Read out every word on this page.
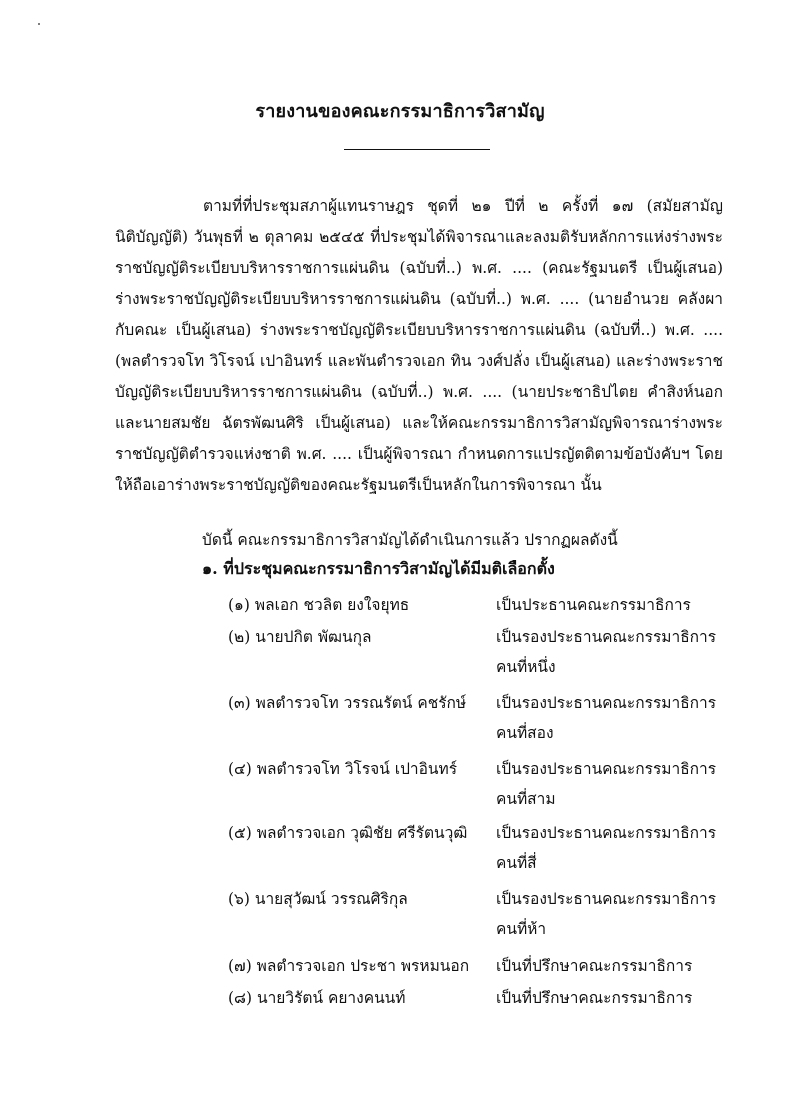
รายงานของคณะกรรมาธิการวิสามัญ
ตามที่ที่ประชุมสภาผู้แทนราษฎร ชุดที่ ๒๑ ปีที่ ๒ ครั้งที่ ๑๗ (สมัยสามัญนิติบัญญัติ) วันพุธที่ ๒ ตุลาคม ๒๕๔๕ ที่ประชุมได้พิจารณาและลงมติรับหลักการแห่งร่างพระราชบัญญัติระเบียบบริหารราชการแผ่นดิน (ฉบับที่..) พ.ศ. .... (คณะรัฐมนตรี เป็นผู้เสนอ) ร่างพระราชบัญญัติระเบียบบริหารราชการแผ่นดิน (ฉบับที่..) พ.ศ. .... (นายอำนวย คลังผา กับคณะ เป็นผู้เสนอ) ร่างพระราชบัญญัติระเบียบบริหารราชการแผ่นดิน (ฉบับที่..) พ.ศ. .... (พลตำรวจโท วิโรจน์ เปาอินทร์ และพันตำรวจเอก ทิน วงศ์ปลั่ง เป็นผู้เสนอ) และร่างพระราชบัญญัติระเบียบบริหารราชการแผ่นดิน (ฉบับที่..) พ.ศ. .... (นายประชาธิปไตย คำสิงห์นอก และนายสมชัย ฉัตรพัฒนศิริ เป็นผู้เสนอ) และให้คณะกรรมาธิการวิสามัญพิจารณาร่างพระราชบัญญัติตำรวจแห่งชาติ พ.ศ. .... เป็นผู้พิจารณา กำหนดการแปรญัตติตามข้อบังคับฯ โดยให้ถือเอาร่างพระราชบัญญัติของคณะรัฐมนตรีเป็นหลักในการพิจารณา นั้น
บัดนี้ คณะกรรมาธิการวิสามัญได้ดำเนินการแล้ว ปรากฏผลดังนี้
๑. ที่ประชุมคณะกรรมาธิการวิสามัญได้มีมติเลือกตั้ง
(๑) พลเอก ชวลิต ยงใจยุทธ	เป็นประธานคณะกรรมาธิการ
(๒) นายปกิต พัฒนกุล	เป็นรองประธานคณะกรรมาธิการ คนที่หนึ่ง
(๓) พลตำรวจโท วรรณรัตน์ คชรักษ์	เป็นรองประธานคณะกรรมาธิการ คนที่สอง
(๔) พลตำรวจโท วิโรจน์ เปาอินทร์	เป็นรองประธานคณะกรรมาธิการ คนที่สาม
(๕) พลตำรวจเอก วุฒิชัย ศรีรัตนวุฒิ	เป็นรองประธานคณะกรรมาธิการ คนที่สี่
(๖) นายสุวัฒน์ วรรณศิริกุล	เป็นรองประธานคณะกรรมาธิการ คนที่ห้า
(๗) พลตำรวจเอก ประชา พรหมนอก	เป็นที่ปรึกษาคณะกรรมาธิการ
(๘) นายวิรัตน์ คยางคนนท์	เป็นที่ปรึกษาคณะกรรมาธิการ
